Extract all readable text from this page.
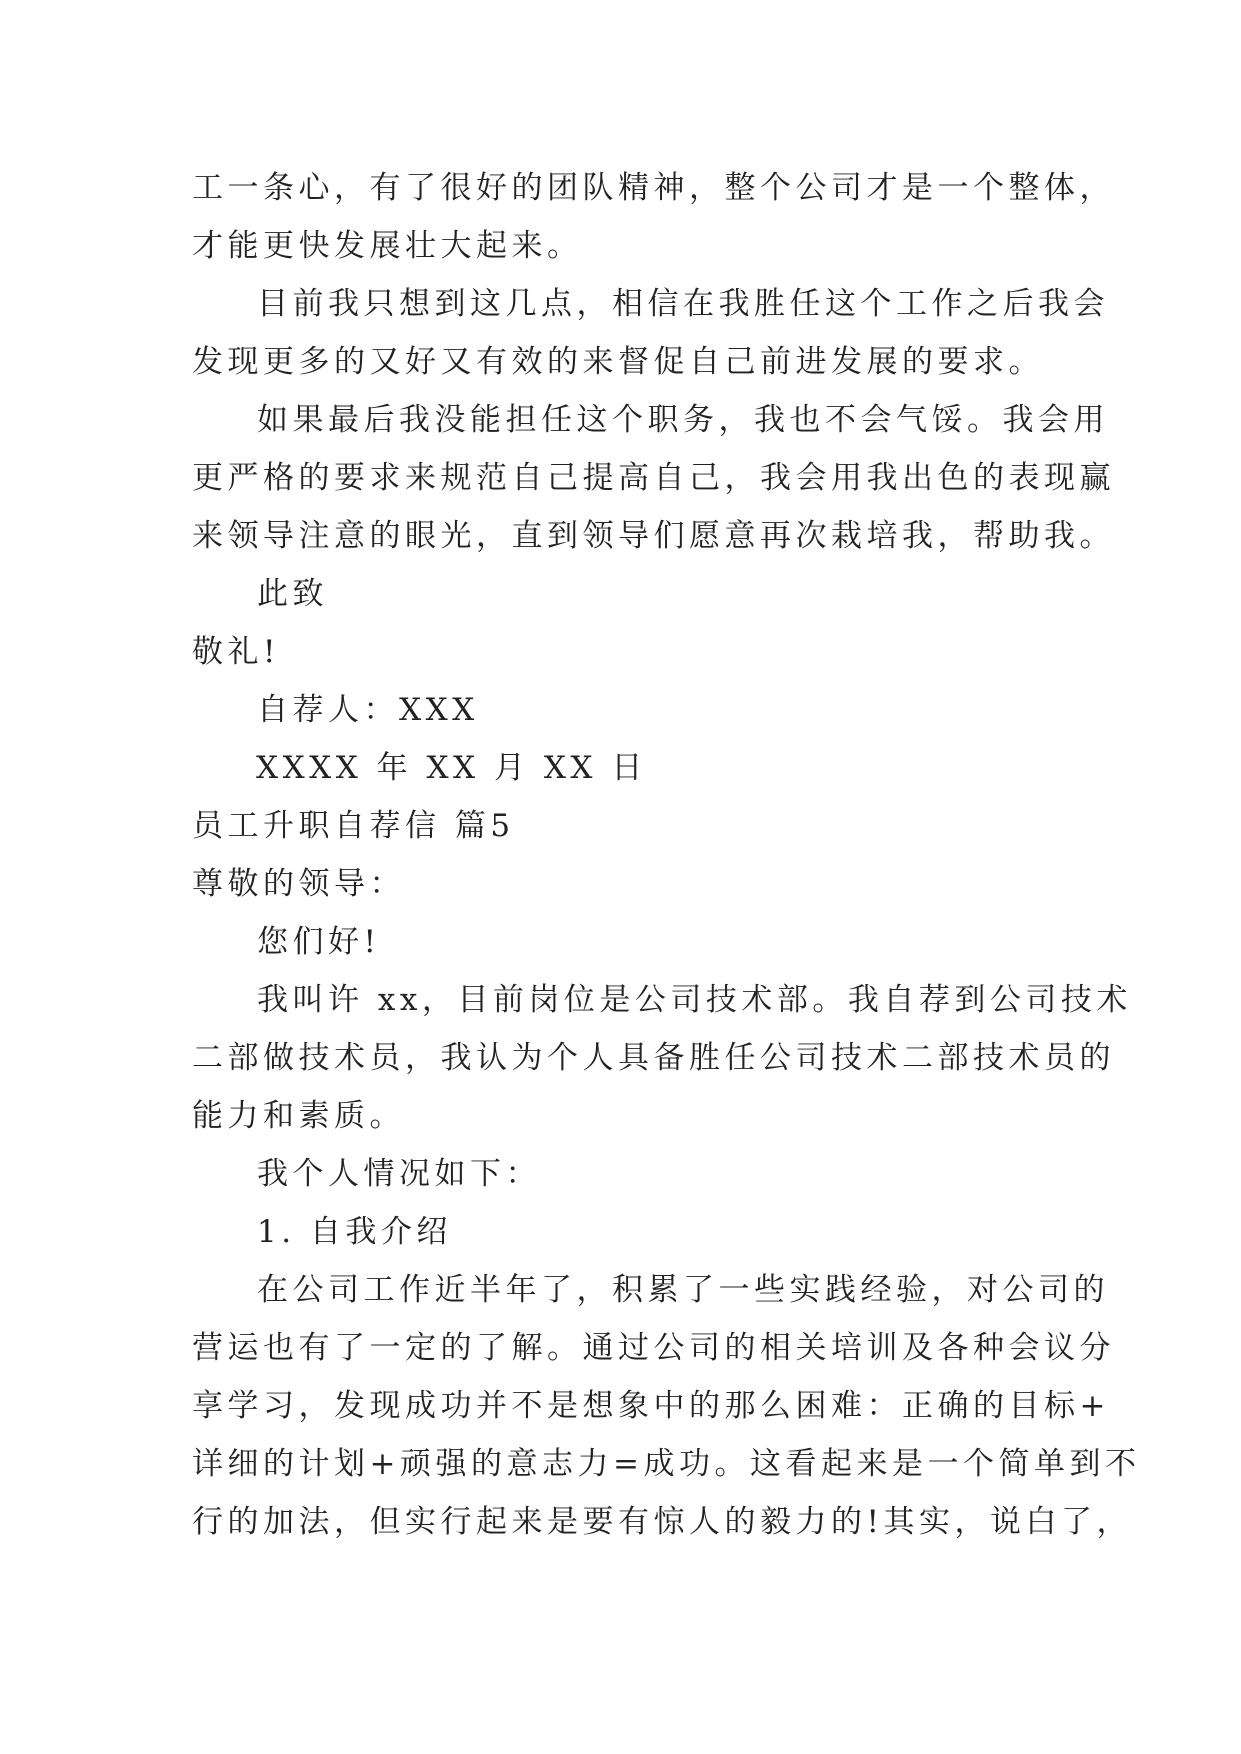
工一条心，有了很好的团队精神，整个公司才是一个整体，
才能更快发展壮大起来。
目前我只想到这几点，相信在我胜任这个工作之后我会
发现更多的又好又有效的来督促自己前进发展的要求。
如果最后我没能担任这个职务，我也不会气馁。我会用
更严格的要求来规范自己提高自己，我会用我出色的表现赢
来领导注意的眼光，直到领导们愿意再次栽培我，帮助我。
此致
敬礼!
自荐人：XXX
XXXX 年 XX 月 XX 日
员工升职自荐信 篇5
尊敬的领导：
您们好!
我叫许 xx，目前岗位是公司技术部。我自荐到公司技术
二部做技术员，我认为个人具备胜任公司技术二部技术员的
能力和素质。
我个人情况如下：
1. 自我介绍
在公司工作近半年了，积累了一些实践经验，对公司的
营运也有了一定的了解。通过公司的相关培训及各种会议分
享学习，发现成功并不是想象中的那么困难：正确的目标+
详细的计划+顽强的意志力=成功。这看起来是一个简单到不
行的加法，但实行起来是要有惊人的毅力的!其实，说白了，
